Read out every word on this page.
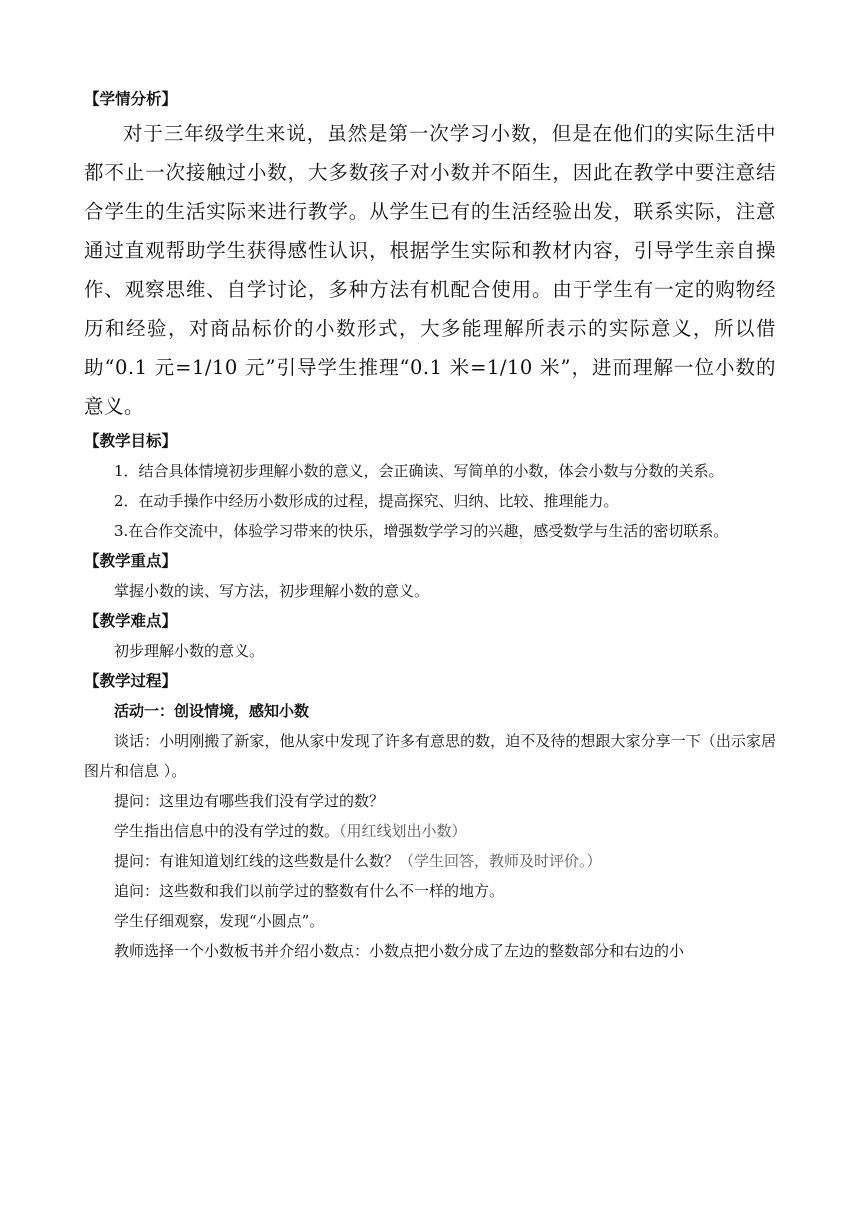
【学情分析】

对于三年级学生来说，虽然是第一次学习小数，但是在他们的实际生活中都不止一次接触过小数，大多数孩子对小数并不陌生，因此在教学中要注意结合学生的生活实际来进行教学。从学生已有的生活经验出发，联系实际，注意通过直观帮助学生获得感性认识，根据学生实际和教材内容，引导学生亲自操作、观察思维、自学讨论，多种方法有机配合使用。由于学生有一定的购物经历和经验，对商品标价的小数形式，大多能理解所表示的实际意义，所以借助“0.1 元=1/10 元”引导学生推理“0.1 米=1/10 米”，进而理解一位小数的意义。

【教学目标】

1．结合具体情境初步理解小数的意义，会正确读、写简单的小数，体会小数与分数的关系。

2．在动手操作中经历小数形成的过程，提高探究、归纳、比较、推理能力。

3.在合作交流中，体验学习带来的快乐，增强数学学习的兴趣，感受数学与生活的密切联系。

【教学重点】

掌握小数的读、写方法，初步理解小数的意义。

【教学难点】

初步理解小数的意义。

【教学过程】

活动一：创设情境，感知小数

谈话：小明刚搬了新家，他从家中发现了许多有意思的数，迫不及待的想跟大家分享一下（出示家居图片和信息 ）。

提问：这里边有哪些我们没有学过的数？

学生指出信息中的没有学过的数。（用红线划出小数）

提问：有谁知道划红线的这些数是什么数？（学生回答，教师及时评价。）

追问：这些数和我们以前学过的整数有什么不一样的地方。

学生仔细观察，发现“小圆点”。

教师选择一个小数板书并介绍小数点：小数点把小数分成了左边的整数部分和右边的小
